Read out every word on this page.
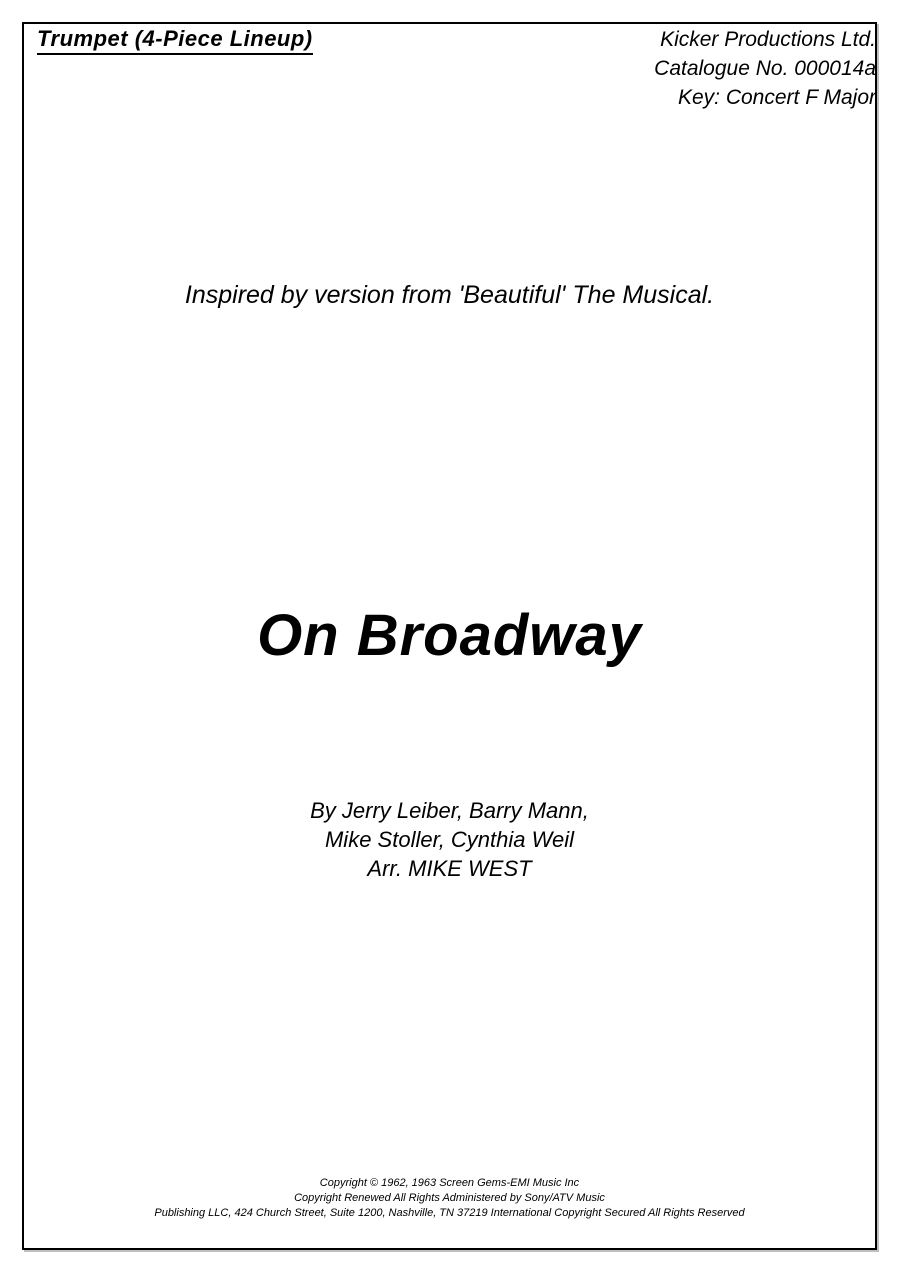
Trumpet (4-Piece Lineup)	Kicker Productions Ltd.
Catalogue No. 000014a
Key: Concert F Major
Inspired by version from 'Beautiful' The Musical.
On Broadway
By Jerry Leiber, Barry Mann,
Mike Stoller, Cynthia Weil
Arr. MIKE WEST
Copyright © 1962, 1963 Screen Gems-EMI Music Inc
Copyright Renewed All Rights Administered by Sony/ATV Music
Publishing LLC, 424 Church Street, Suite 1200, Nashville, TN 37219 International Copyright Secured All Rights Reserved
